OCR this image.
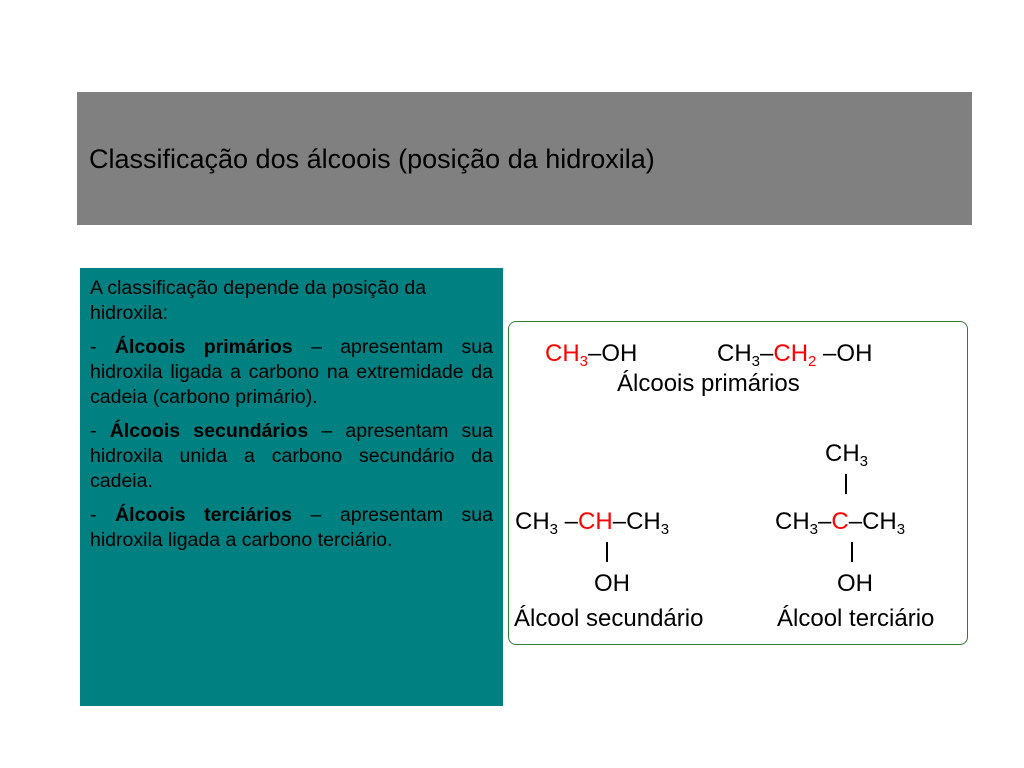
Classificação dos álcoois (posição da hidroxila)

A classificação depende da posição da hidroxila:

- Álcoois primários – apresentam sua hidroxila ligada a carbono na extremidade da cadeia (carbono primário).

- Álcoois secundários – apresentam sua hidroxila unida a carbono secundário da cadeia.

- Álcoois terciários – apresentam sua hidroxila ligada a carbono terciário.

$CH_3-OH$	$CH_3-CH_2$ –OH
Álcoois primários
$CH_3$ $-CH-CH_3$
OH
Álcool secundário
$CH_3$
$CH_3-C-CH_3$
OH
Álcool terciário
